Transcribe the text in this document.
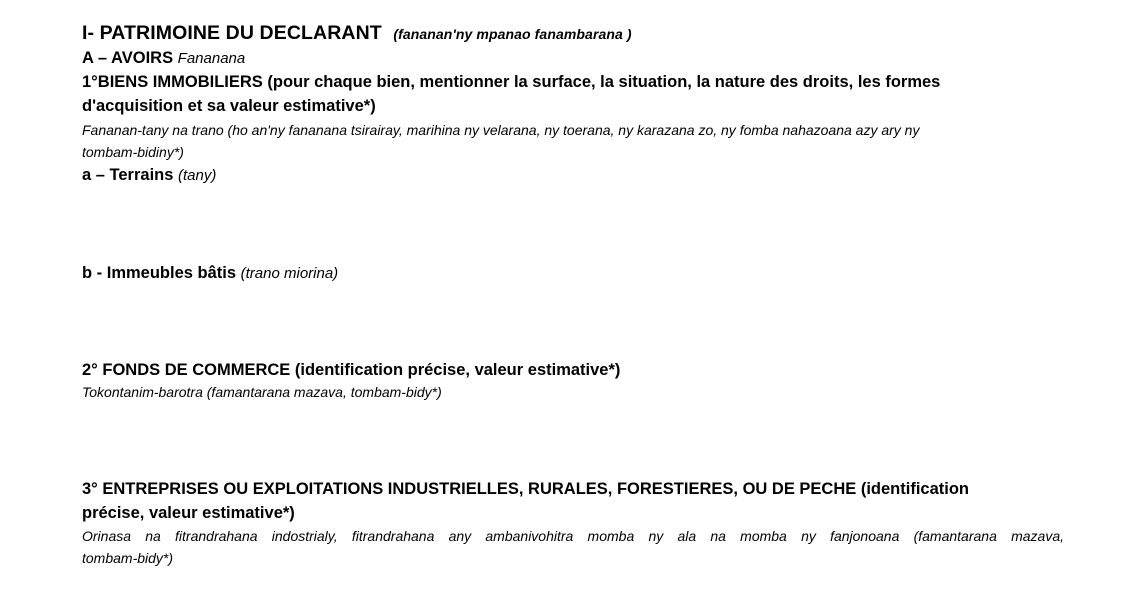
I- PATRIMOINE DU DECLARANT (fananan'ny mpanao fanambarana )
A – AVOIRS Fananana
1°BIENS IMMOBILIERS (pour chaque bien, mentionner la surface, la situation, la nature des droits, les formes
d'acquisition et sa valeur estimative*)
Fananan-tany na trano (ho an'ny fananana tsirairay, marihina ny velarana, ny toerana, ny karazana zo, ny fomba nahazoana azy ary ny
tombam-bidiny*)
a – Terrains (tany)
b - Immeubles bâtis (trano miorina)
2° FONDS DE COMMERCE (identification précise, valeur estimative*)
Tokontanim-barotra (famantarana mazava, tombam-bidy*)
3° ENTREPRISES OU EXPLOITATIONS INDUSTRIELLES, RURALES, FORESTIERES, OU DE PECHE (identification
précise, valeur estimative*)
Orinasa na fitrandrahana indostrialy, fitrandrahana any ambanivohitra momba ny ala na momba ny fanjonoana (famantarana mazava,
tombam-bidy*)
